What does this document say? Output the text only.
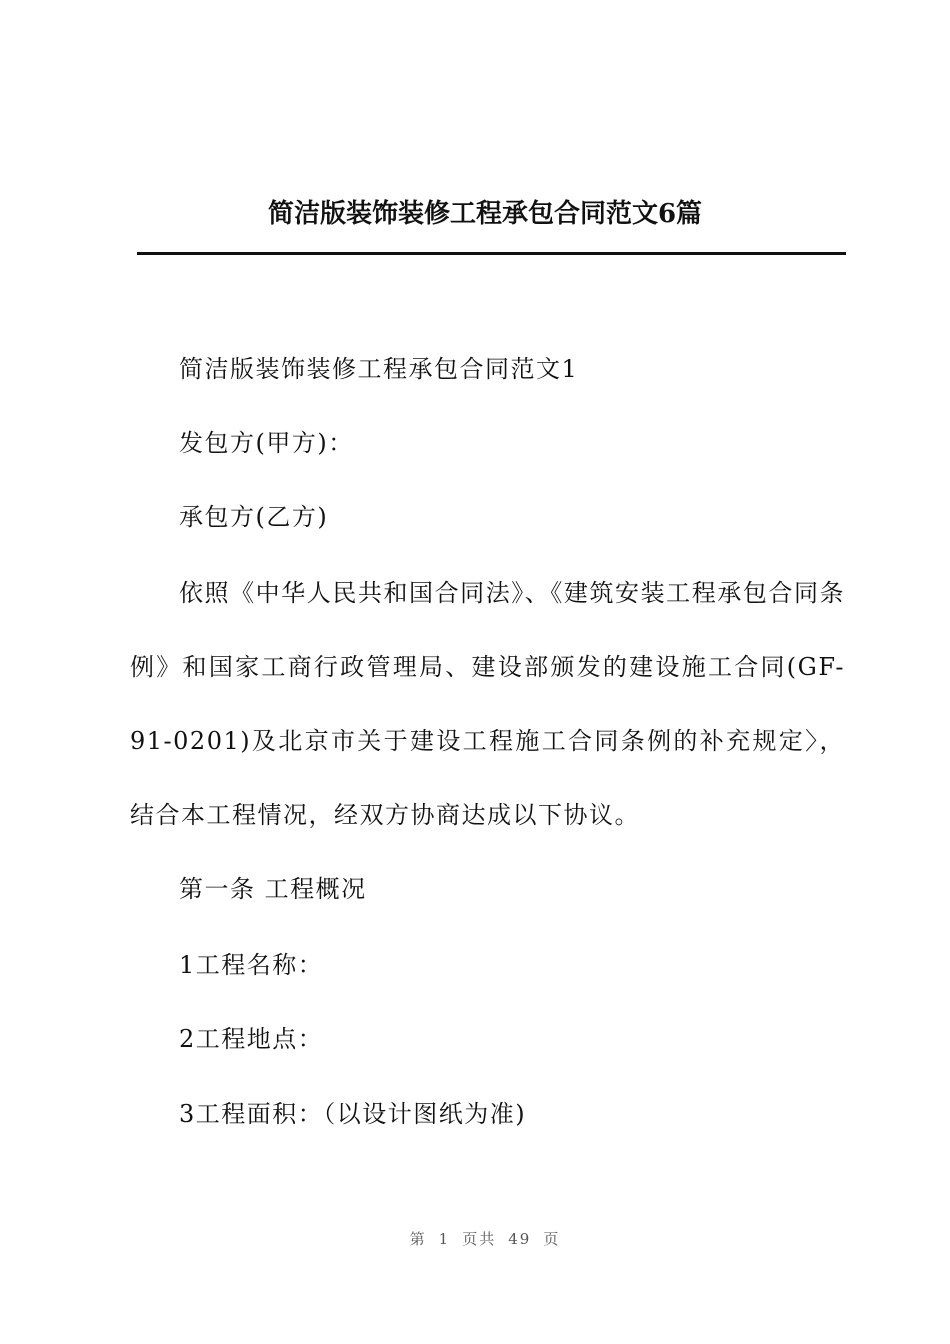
简洁版装饰装修工程承包合同范文6篇

简洁版装饰装修工程承包合同范文1

发包方(甲方)：

承包方(乙方)

依照《中华人民共和国合同法》、《建筑安装工程承包合同条例》和国家工商行政管理局、建设部颁发的建设施工合同(GF-91-0201)及北京市关于建设工程施工合同条例的补充规定〉，结合本工程情况，经双方协商达成以下协议。

第一条 工程概况

1工程名称：

2工程地点：

3工程面积：（以设计图纸为准)

第 1 页共 49 页
